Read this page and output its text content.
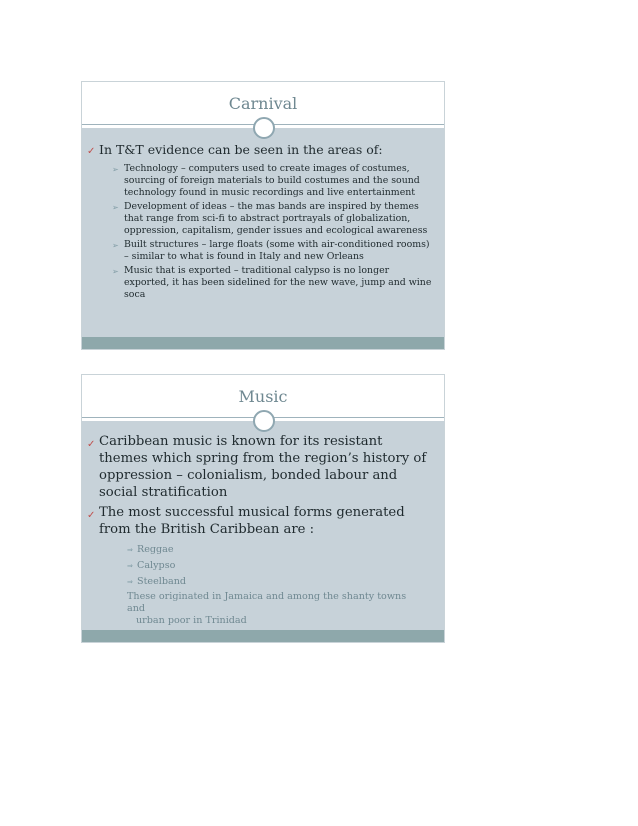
Carnival
✓ In T&T evidence can be seen in the areas of:
➢ Technology – computers used to create images of costumes, sourcing of foreign materials to build costumes and the sound technology found in music recordings and live entertainment
➢ Development of ideas – the mas bands are inspired by themes that range from sci-fi to abstract portrayals of globalization, oppression, capitalism, gender issues and ecological awareness
➢ Built structures – large floats (some with air-conditioned rooms) – similar to what is found in Italy and new Orleans
➢ Music that is exported – traditional calypso is no longer exported, it has been sidelined for the new wave, jump and wine soca
Music
✓ Caribbean music is known for its resistant themes which spring from the region’s history of oppression – colonialism, bonded labour and social stratification
✓ The most successful musical forms generated from the British Caribbean are :
⇒ Reggae
⇒ Calypso
⇒ Steelband
These originated in Jamaica and among the shanty towns and
urban poor in Trinidad
